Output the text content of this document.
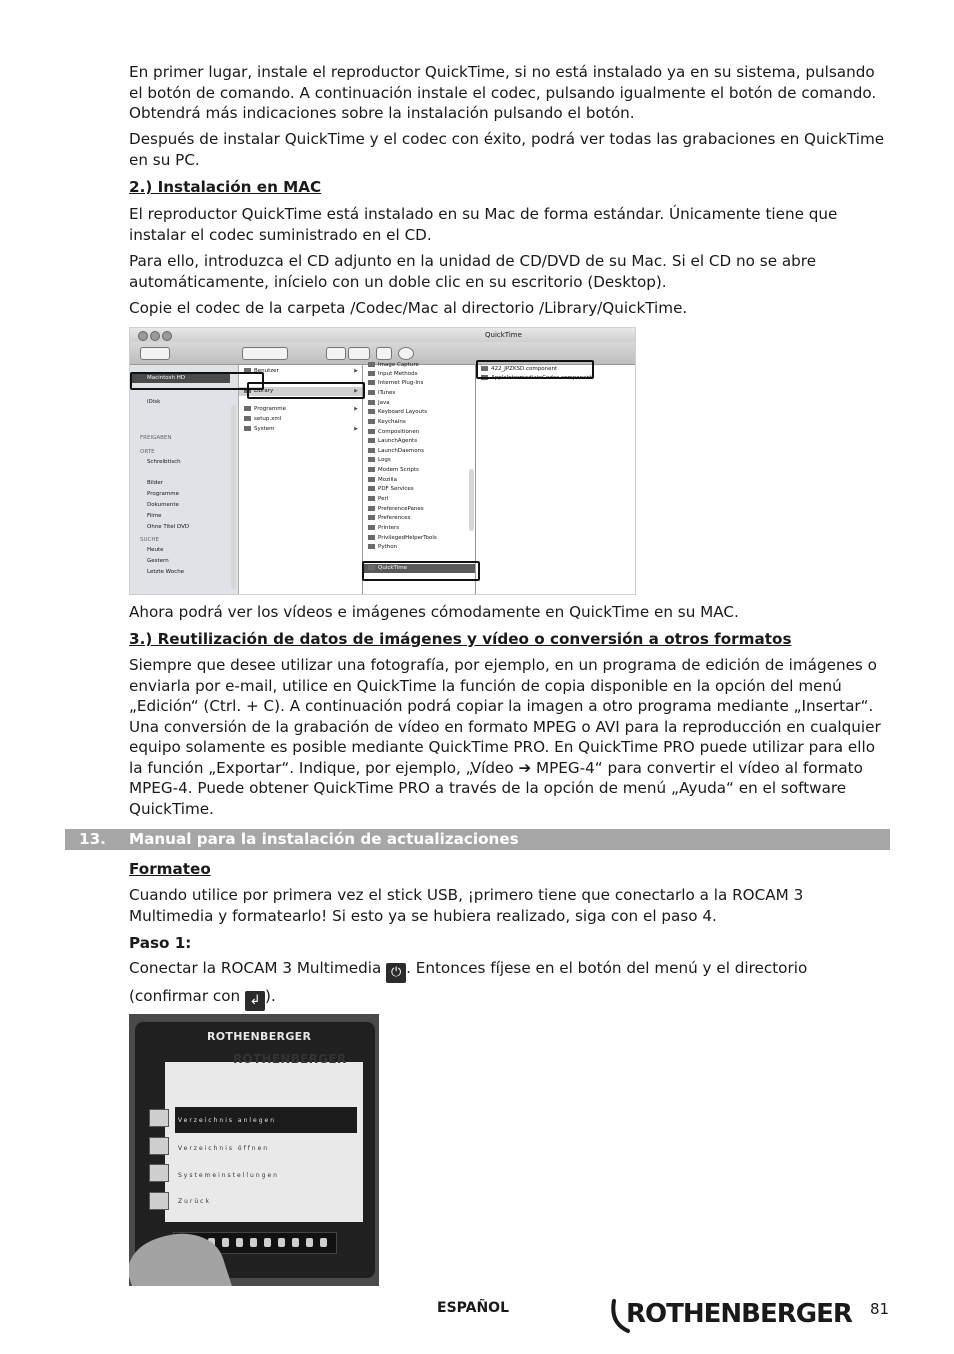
En primer lugar, instale el reproductor QuickTime, si no está instalado ya en su sistema, pulsando el botón de comando. A continuación instale el codec, pulsando igualmente el botón de comando. Obtendrá más indicaciones sobre la instalación pulsando el botón.

Después de instalar QuickTime y el codec con éxito, podrá ver todas las grabaciones en QuickTime en su PC.

2.) Instalación en MAC

El reproductor QuickTime está instalado en su Mac de forma estándar. Únicamente tiene que instalar el codec suministrado en el CD.

Para ello, introduzca el CD adjunto en la unidad de CD/DVD de su Mac. Si el CD no se abre automáticamente, inícielo con un doble clic en su escritorio (Desktop).

Copie el codec de la carpeta /Codec/Mac al directorio /Library/QuickTime.

QuickTime
Macintosh HD
iDisk
FREIGABEN
ORTE
Schreibtisch
Bilder
Programme
Dokumente
Filme
Ohne Titel DVD
SUCHE
Heute
Gestern
Letzte Woche
Benutzer
Library
Programme
setup.xml
System
▶
▶
▶
▶
Image Capture
Input Methods
Internet Plug-Ins
iTunes
Java
Keyboard Layouts
Keychains
Compositionen
LaunchAgents
LaunchDaemons
Logs
Modem Scripts
Mozilla
PDF Services
Perl
PreferencePanes
Preferences
Printers
PrivilegedHelperTools
Python
QuickTime
422_JPZKSD.component
AppleIntermediateCodec.component

Ahora podrá ver los vídeos e imágenes cómodamente en QuickTime en su MAC.

3.) Reutilización de datos de imágenes y vídeo o conversión a otros formatos

Siempre que desee utilizar una fotografía, por ejemplo, en un programa de edición de imágenes o enviarla por e-mail, utilice en QuickTime la función de copia disponible en la opción del menú „Edición“ (Ctrl. + C). A continuación podrá copiar la imagen a otro programa mediante „Insertar“. Una conversión de la grabación de vídeo en formato MPEG o AVI para la reproducción en cualquier equipo solamente es posible mediante QuickTime PRO. En QuickTime PRO puede utilizar para ello la función „Exportar“. Indique, por ejemplo, „Vídeo ➔ MPEG-4“ para convertir el vídeo al formato MPEG-4. Puede obtener QuickTime PRO a través de la opción de menú „Ayuda“ en el software QuickTime.

13. Manual para la instalación de actualizaciones
Formateo

Cuando utilice por primera vez el stick USB, ¡primero tiene que conectarlo a la ROCAM 3 Multimedia y formatearlo! Si esto ya se hubiera realizado, siga con el paso 4.

Paso 1:

Conectar la ROCAM 3 Multimedia ⏻ . Entonces fíjese en el botón del menú y el directorio (confirmar con ↲ ).

ROTHENBERGER
ROTHENBERGER
Verzeichnis anlegen
Verzeichnis öffnen
Systemeinstellungen
Zurück
ESPAÑOL	ROTHENBERGER 81
